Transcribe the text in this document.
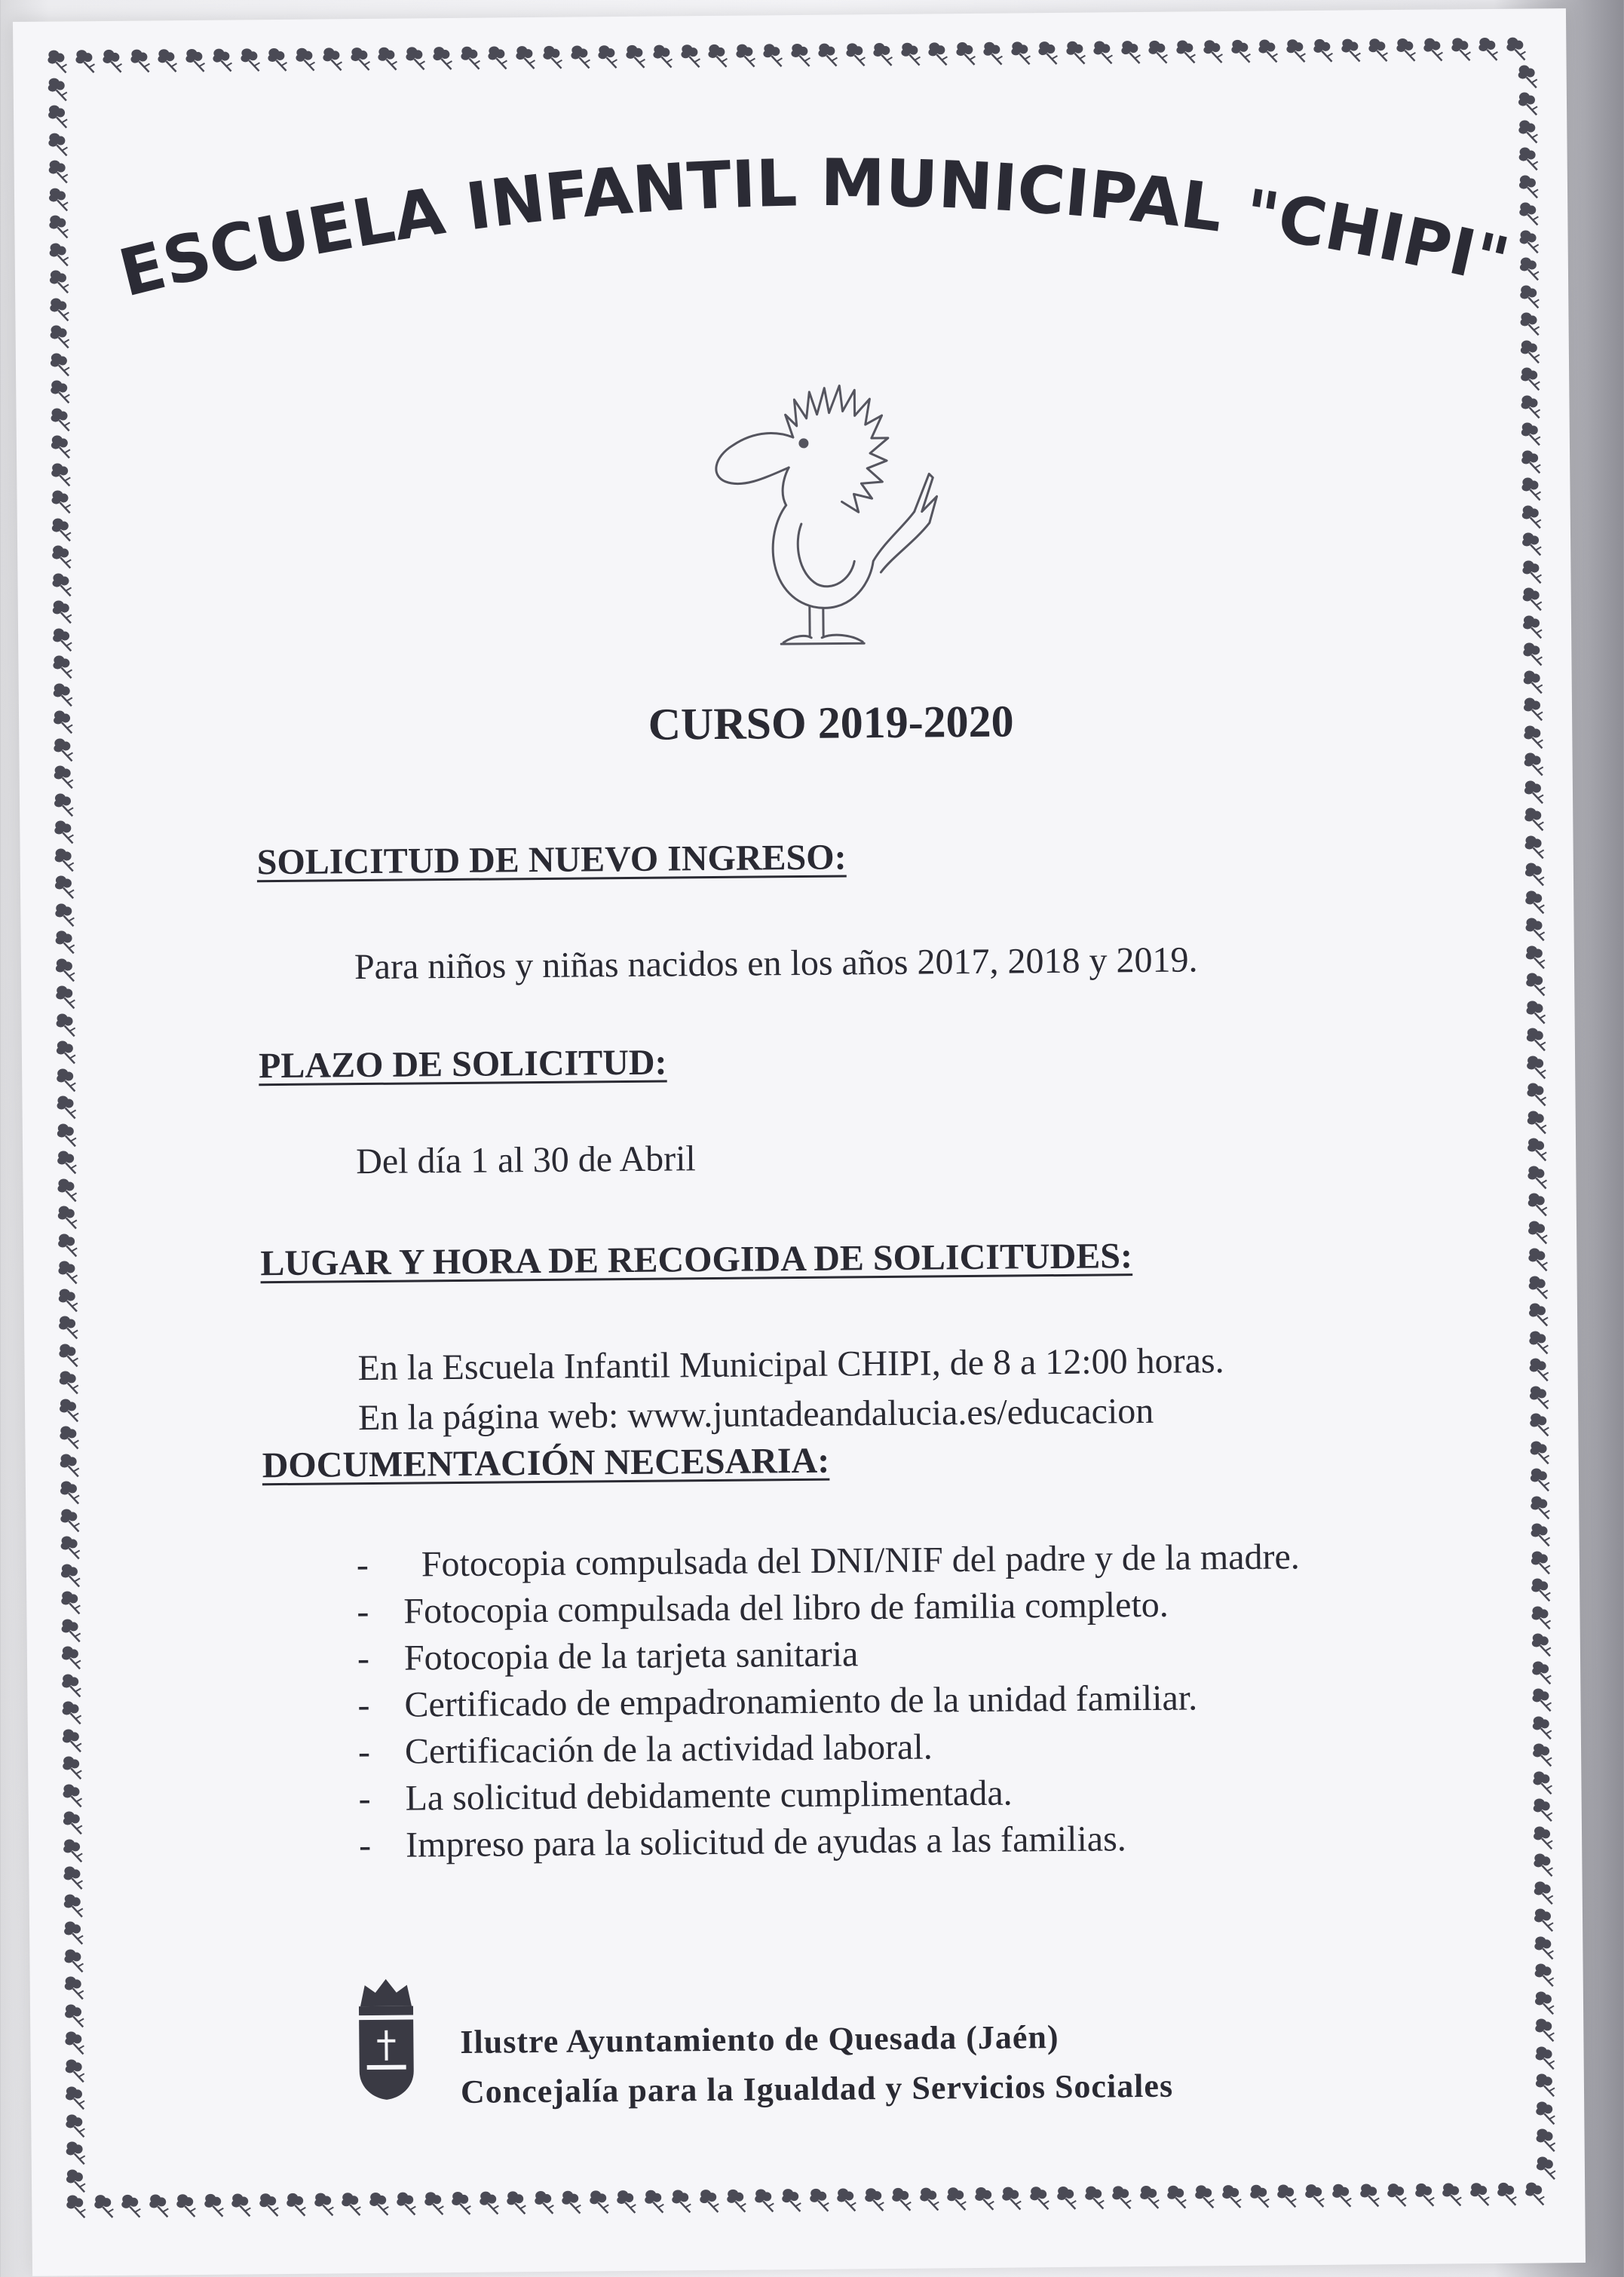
ESCUELA INFANTIL MUNICIPAL "CHIPI"
CURSO 2019-2020
SOLICITUD DE NUEVO INGRESO:
Para niños y niñas nacidos en los años 2017, 2018 y 2019.
PLAZO DE SOLICITUD:
Del día 1 al 30 de Abril
LUGAR Y HORA DE RECOGIDA DE SOLICITUDES:
En la Escuela Infantil Municipal CHIPI, de 8 a 12:00 horas.
En la página web: www.juntadeandalucia.es/educacion
DOCUMENTACIÓN NECESARIA:
- Fotocopia compulsada del DNI/NIF del padre y de la madre.
- Fotocopia compulsada del libro de familia completo.
- Fotocopia de la tarjeta sanitaria
- Certificado de empadronamiento de la unidad familiar.
- Certificación de la actividad laboral.
- La solicitud debidamente cumplimentada.
- Impreso para la solicitud de ayudas a las familias.
Ilustre Ayuntamiento de Quesada (Jaén)
Concejalía para la Igualdad y Servicios Sociales
